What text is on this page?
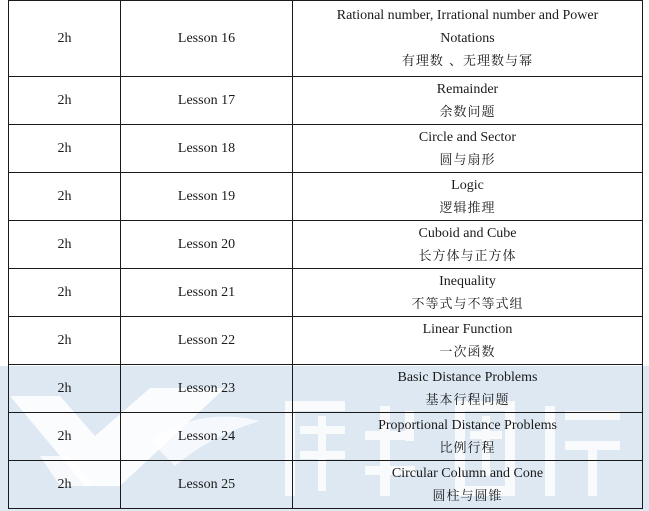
2h	Lesson 16	Rational number, Irrational number and Power
Notations
有理数 、无理数与幂

2h	Lesson 17	Remainder
余数问题

2h	Lesson 18	Circle and Sector
圆与扇形

2h	Lesson 19	Logic
逻辑推理

2h	Lesson 20	Cuboid and Cube
长方体与正方体

2h	Lesson 21	Inequality
不等式与不等式组

2h	Lesson 22	Linear Function
一次函数

2h	Lesson 23	Basic Distance Problems
基本行程问题

2h	Lesson 24	Proportional Distance Problems
比例行程

2h	Lesson 25	Circular Column and Cone
圆柱与圆锥
